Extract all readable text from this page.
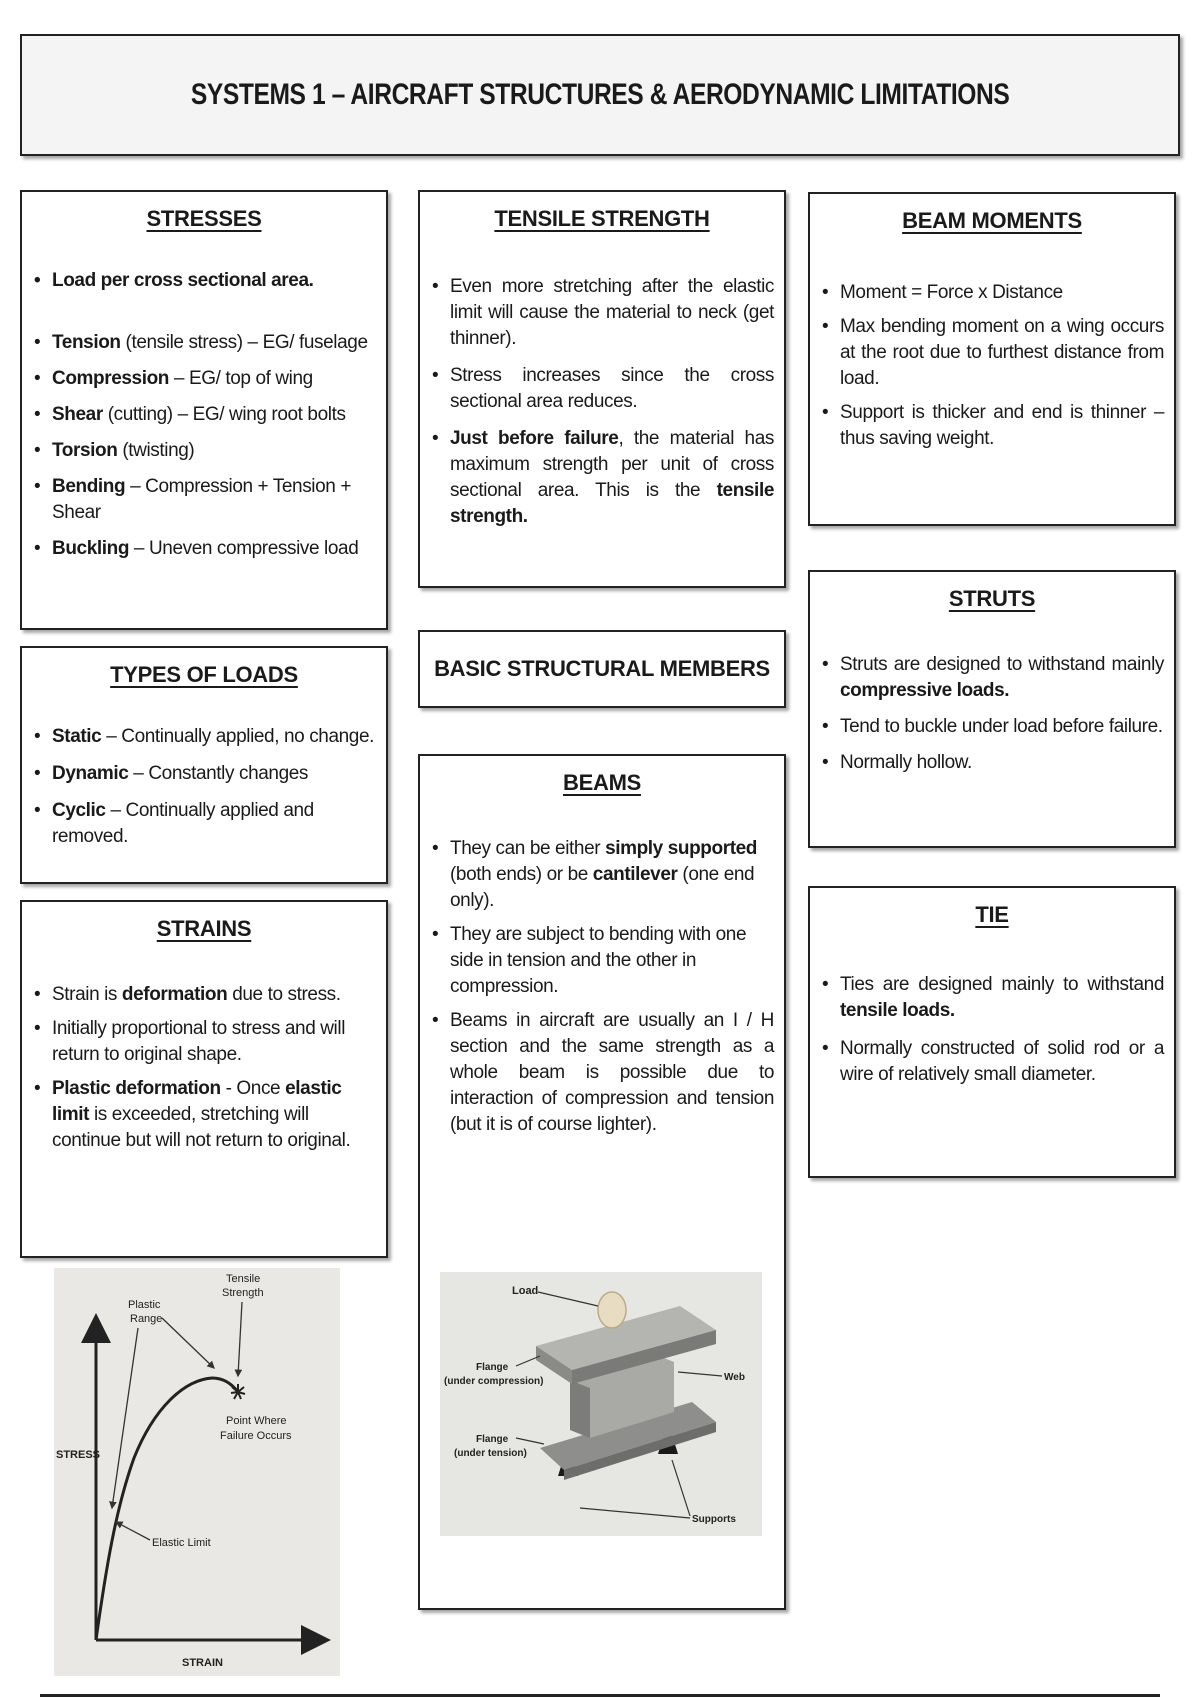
SYSTEMS 1 – AIRCRAFT STRUCTURES & AERODYNAMIC LIMITATIONS
STRESSES
• Load per cross sectional area.
• Tension (tensile stress) – EG/ fuselage
• Compression – EG/ top of wing
• Shear (cutting) – EG/ wing root bolts
• Torsion (twisting)
• Bending – Compression + Tension + Shear
• Buckling – Uneven compressive load
TYPES OF LOADS
• Static – Continually applied, no change.
• Dynamic – Constantly changes
• Cyclic – Continually applied and removed.
STRAINS
• Strain is deformation due to stress.
• Initially proportional to stress and will return to original shape.
• Plastic deformation - Once elastic limit is exceeded, stretching will continue but will not return to original.
TENSILE STRENGTH
• Even more stretching after the elastic limit will cause the material to neck (get thinner).
• Stress increases since the cross sectional area reduces.
• Just before failure, the material has maximum strength per unit of cross sectional area. This is the tensile strength.
BASIC STRUCTURAL MEMBERS
BEAMS
• They can be either simply supported (both ends) or be cantilever (one end only).
• They are subject to bending with one side in tension and the other in compression.
• Beams in aircraft are usually an I / H section and the same strength as a whole beam is possible due to interaction of compression and tension (but it is of course lighter).
BEAM MOMENTS
• Moment = Force x Distance
• Max bending moment on a wing occurs at the root due to furthest distance from load.
• Support is thicker and end is thinner – thus saving weight.
STRUTS
• Struts are designed to withstand mainly compressive loads.
• Tend to buckle under load before failure.
• Normally hollow.
TIE
• Ties are designed mainly to withstand tensile loads.
• Normally constructed of solid rod or a wire of relatively small diameter.
STRESS
STRAIN
Plastic
Range
Tensile
Strength
Point Where
Failure Occurs
Elastic Limit
Load
Flange
(under compression)	Web
Flange
(under tension)
Supports
